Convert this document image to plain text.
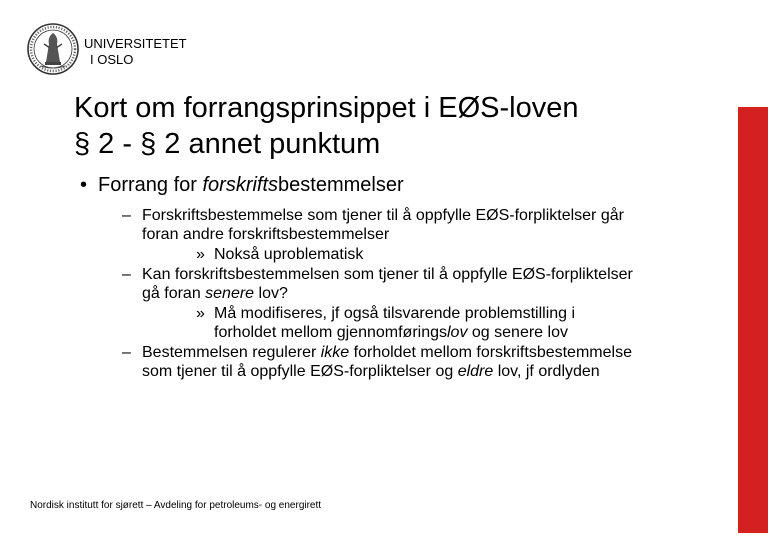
UNIVERSITETET
I OSLO
Kort om forrangsprinsippet i EØS-loven
§ 2 - § 2 annet punktum
• Forrang for forskriftsbestemmelser
– Forskriftsbestemmelse som tjener til å oppfylle EØS-forpliktelser går foran andre forskriftsbestemmelser
» Nokså uproblematisk
– Kan forskriftsbestemmelsen som tjener til å oppfylle EØS-forpliktelser gå foran senere lov?
» Må modifiseres, jf også tilsvarende problemstilling i forholdet mellom gjennomføringslov og senere lov
– Bestemmelsen regulerer ikke forholdet mellom forskriftsbestemmelse som tjener til å oppfylle EØS-forpliktelser og eldre lov, jf ordlyden
Nordisk institutt for sjørett – Avdeling for petroleums- og energirett
